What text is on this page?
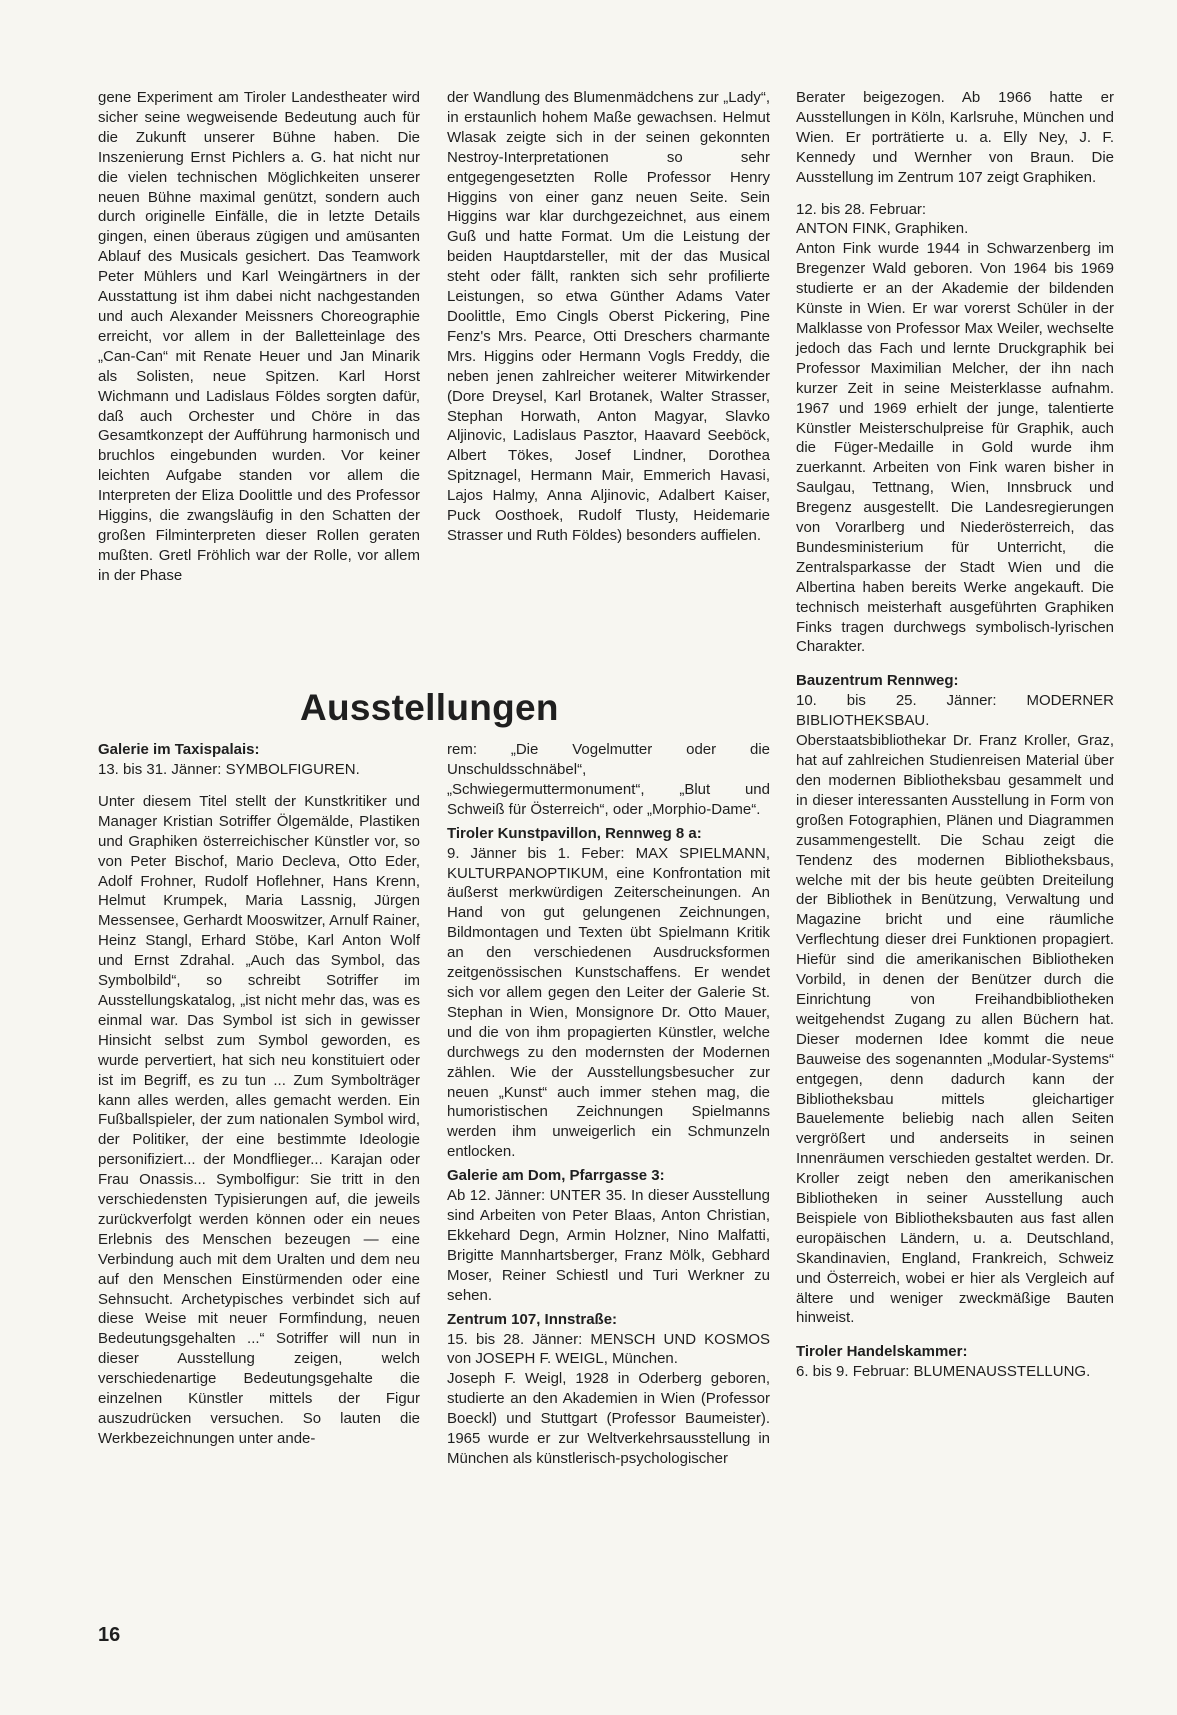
gene Experiment am Tiroler Landestheater wird sicher seine wegweisende Bedeutung auch für die Zukunft unserer Bühne haben. Die Inszenierung Ernst Pichlers a. G. hat nicht nur die vielen technischen Möglichkeiten unserer neuen Bühne maximal genützt, sondern auch durch originelle Einfälle, die in letzte Details gingen, einen überaus zügigen und amüsanten Ablauf des Musicals gesichert. Das Teamwork Peter Mühlers und Karl Weingärtners in der Ausstattung ist ihm dabei nicht nachgestanden und auch Alexander Meissners Choreographie erreicht, vor allem in der Balletteinlage des „Can-Can“ mit Renate Heuer und Jan Minarik als Solisten, neue Spitzen. Karl Horst Wichmann und Ladislaus Földes sorgten dafür, daß auch Orchester und Chöre in das Gesamtkonzept der Aufführung harmonisch und bruchlos eingebunden wurden. Vor keiner leichten Aufgabe standen vor allem die Interpreten der Eliza Doolittle und des Professor Higgins, die zwangsläufig in den Schatten der großen Filminterpreten dieser Rollen geraten mußten. Gretl Fröhlich war der Rolle, vor allem in der Phase

der Wandlung des Blumenmädchens zur „Lady“, in erstaunlich hohem Maße gewachsen. Helmut Wlasak zeigte sich in der seinen gekonnten Nestroy-Interpretationen so sehr entgegengesetzten Rolle Professor Henry Higgins von einer ganz neuen Seite. Sein Higgins war klar durchgezeichnet, aus einem Guß und hatte Format. Um die Leistung der beiden Hauptdarsteller, mit der das Musical steht oder fällt, rankten sich sehr profilierte Leistungen, so etwa Günther Adams Vater Doolittle, Emo Cingls Oberst Pickering, Pine Fenz's Mrs. Pearce, Otti Dreschers charmante Mrs. Higgins oder Hermann Vogls Freddy, die neben jenen zahlreicher weiterer Mitwirkender (Dore Dreysel, Karl Brotanek, Walter Strasser, Stephan Horwath, Anton Magyar, Slavko Aljinovic, Ladislaus Pasztor, Haavard Seeböck, Albert Tökes, Josef Lindner, Dorothea Spitznagel, Hermann Mair, Emmerich Havasi, Lajos Halmy, Anna Aljinovic, Adalbert Kaiser, Puck Oosthoek, Rudolf Tlusty, Heidemarie Strasser und Ruth Földes) besonders auffielen.

Berater beigezogen. Ab 1966 hatte er Ausstellungen in Köln, Karlsruhe, München und Wien. Er porträtierte u. a. Elly Ney, J. F. Kennedy und Wernher von Braun. Die Ausstellung im Zentrum 107 zeigt Graphiken.

12. bis 28. Februar:

ANTON FINK, Graphiken.

Anton Fink wurde 1944 in Schwarzenberg im Bregenzer Wald geboren. Von 1964 bis 1969 studierte er an der Akademie der bildenden Künste in Wien. Er war vorerst Schüler in der Malklasse von Professor Max Weiler, wechselte jedoch das Fach und lernte Druckgraphik bei Professor Maximilian Melcher, der ihn nach kurzer Zeit in seine Meisterklasse aufnahm. 1967 und 1969 erhielt der junge, talentierte Künstler Meisterschulpreise für Graphik, auch die Füger-Medaille in Gold wurde ihm zuerkannt. Arbeiten von Fink waren bisher in Saulgau, Tettnang, Wien, Innsbruck und Bregenz ausgestellt. Die Landesregierungen von Vorarlberg und Niederösterreich, das Bundesministerium für Unterricht, die Zentralsparkasse der Stadt Wien und die Albertina haben bereits Werke angekauft. Die technisch meisterhaft ausgeführten Graphiken Finks tragen durchwegs symbolisch-lyrischen Charakter.

Bauzentrum Rennweg:

10. bis 25. Jänner: MODERNER BIBLIOTHEKSBAU.

Oberstaatsbibliothekar Dr. Franz Kroller, Graz, hat auf zahlreichen Studienreisen Material über den modernen Bibliotheksbau gesammelt und in dieser interessanten Ausstellung in Form von großen Fotographien, Plänen und Diagrammen zusammengestellt. Die Schau zeigt die Tendenz des modernen Bibliotheksbaus, welche mit der bis heute geübten Dreiteilung der Bibliothek in Benützung, Verwaltung und Magazine bricht und eine räumliche Verflechtung dieser drei Funktionen propagiert. Hiefür sind die amerikanischen Bibliotheken Vorbild, in denen der Benützer durch die Einrichtung von Freihandbibliotheken weitgehendst Zugang zu allen Büchern hat. Dieser modernen Idee kommt die neue Bauweise des sogenannten „Modular-Systems“ entgegen, denn dadurch kann der Bibliotheksbau mittels gleichartiger Bauelemente beliebig nach allen Seiten vergrößert und anderseits in seinen Innenräumen verschieden gestaltet werden. Dr. Kroller zeigt neben den amerikanischen Bibliotheken in seiner Ausstellung auch Beispiele von Bibliotheksbauten aus fast allen europäischen Ländern, u. a. Deutschland, Skandinavien, England, Frankreich, Schweiz und Österreich, wobei er hier als Vergleich auf ältere und weniger zweckmäßige Bauten hinweist.

Tiroler Handelskammer:

6. bis 9. Februar: BLUMENAUSSTELLUNG.

Ausstellungen
Galerie im Taxispalais:

13. bis 31. Jänner: SYMBOLFIGUREN.

Unter diesem Titel stellt der Kunstkritiker und Manager Kristian Sotriffer Ölgemälde, Plastiken und Graphiken österreichischer Künstler vor, so von Peter Bischof, Mario Decleva, Otto Eder, Adolf Frohner, Rudolf Hoflehner, Hans Krenn, Helmut Krumpek, Maria Lassnig, Jürgen Messensee, Gerhardt Mooswitzer, Arnulf Rainer, Heinz Stangl, Erhard Stöbe, Karl Anton Wolf und Ernst Zdrahal. „Auch das Symbol, das Symbolbild“, so schreibt Sotriffer im Ausstellungskatalog, „ist nicht mehr das, was es einmal war. Das Symbol ist sich in gewisser Hinsicht selbst zum Symbol geworden, es wurde pervertiert, hat sich neu konstituiert oder ist im Begriff, es zu tun ... Zum Symbolträger kann alles werden, alles gemacht werden. Ein Fußballspieler, der zum nationalen Symbol wird, der Politiker, der eine bestimmte Ideologie personifiziert... der Mondflieger... Karajan oder Frau Onassis... Symbolfigur: Sie tritt in den verschiedensten Typisierungen auf, die jeweils zurückverfolgt werden können oder ein neues Erlebnis des Menschen bezeugen — eine Verbindung auch mit dem Uralten und dem neu auf den Menschen Einstürmenden oder eine Sehnsucht. Archetypisches verbindet sich auf diese Weise mit neuer Formfindung, neuen Bedeutungsgehalten ...“ Sotriffer will nun in dieser Ausstellung zeigen, welch verschiedenartige Bedeutungsgehalte die einzelnen Künstler mittels der Figur auszudrücken versuchen. So lauten die Werkbezeichnungen unter ande-

rem: „Die Vogelmutter oder die Unschuldsschnäbel“, „Schwiegermuttermonument“, „Blut und Schweiß für Österreich“, oder „Morphio-Dame“.

Tiroler Kunstpavillon, Rennweg 8 a:

9. Jänner bis 1. Feber: MAX SPIELMANN, KULTURPANOPTIKUM, eine Konfrontation mit äußerst merkwürdigen Zeiterscheinungen. An Hand von gut gelungenen Zeichnungen, Bildmontagen und Texten übt Spielmann Kritik an den verschiedenen Ausdrucksformen zeitgenössischen Kunstschaffens. Er wendet sich vor allem gegen den Leiter der Galerie St. Stephan in Wien, Monsignore Dr. Otto Mauer, und die von ihm propagierten Künstler, welche durchwegs zu den modernsten der Modernen zählen. Wie der Ausstellungsbesucher zur neuen „Kunst“ auch immer stehen mag, die humoristischen Zeichnungen Spielmanns werden ihm unweigerlich ein Schmunzeln entlocken.

Galerie am Dom, Pfarrgasse 3:

Ab 12. Jänner: UNTER 35. In dieser Ausstellung sind Arbeiten von Peter Blaas, Anton Christian, Ekkehard Degn, Armin Holzner, Nino Malfatti, Brigitte Mannhartsberger, Franz Mölk, Gebhard Moser, Reiner Schiestl und Turi Werkner zu sehen.

Zentrum 107, Innstraße:

15. bis 28. Jänner: MENSCH UND KOSMOS von JOSEPH F. WEIGL, München.

Joseph F. Weigl, 1928 in Oderberg geboren, studierte an den Akademien in Wien (Professor Boeckl) und Stuttgart (Professor Baumeister). 1965 wurde er zur Weltverkehrsausstellung in München als künstlerisch-psychologischer

16
